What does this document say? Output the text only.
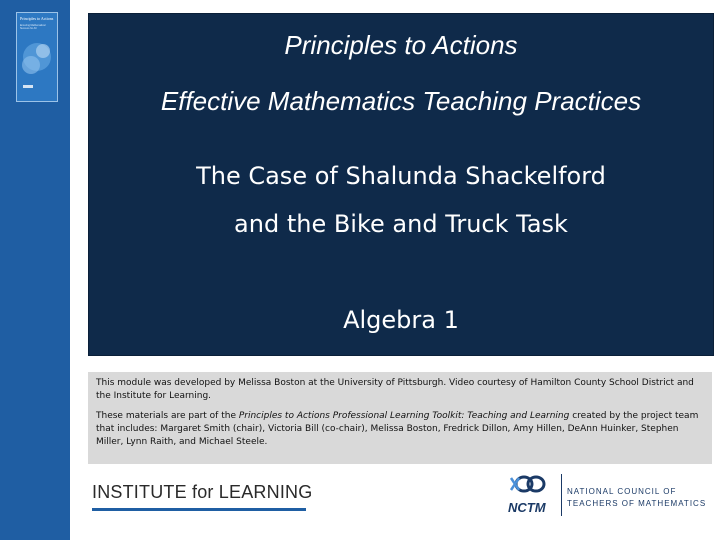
Principles to Actions
Ensuring Mathematical Success for All
Principles to Actions
Effective Mathematics Teaching Practices
The Case of Shalunda Shackelford
and the Bike and Truck Task
Algebra 1

This module was developed by Melissa Boston at the University of Pittsburgh. Video courtesy of Hamilton County School District and the Institute for Learning.

These materials are part of the Principles to Actions Professional Learning Toolkit: Teaching and Learning created by the project team that includes: Margaret Smith (chair), Victoria Bill (co-chair), Melissa Boston, Fredrick Dillon, Amy Hillen, DeAnn Huinker, Stephen Miller, Lynn Raith, and Michael Steele.

INSTITUTE for LEARNING
NCTM
NATIONAL COUNCIL OF
TEACHERS OF MATHEMATICS
